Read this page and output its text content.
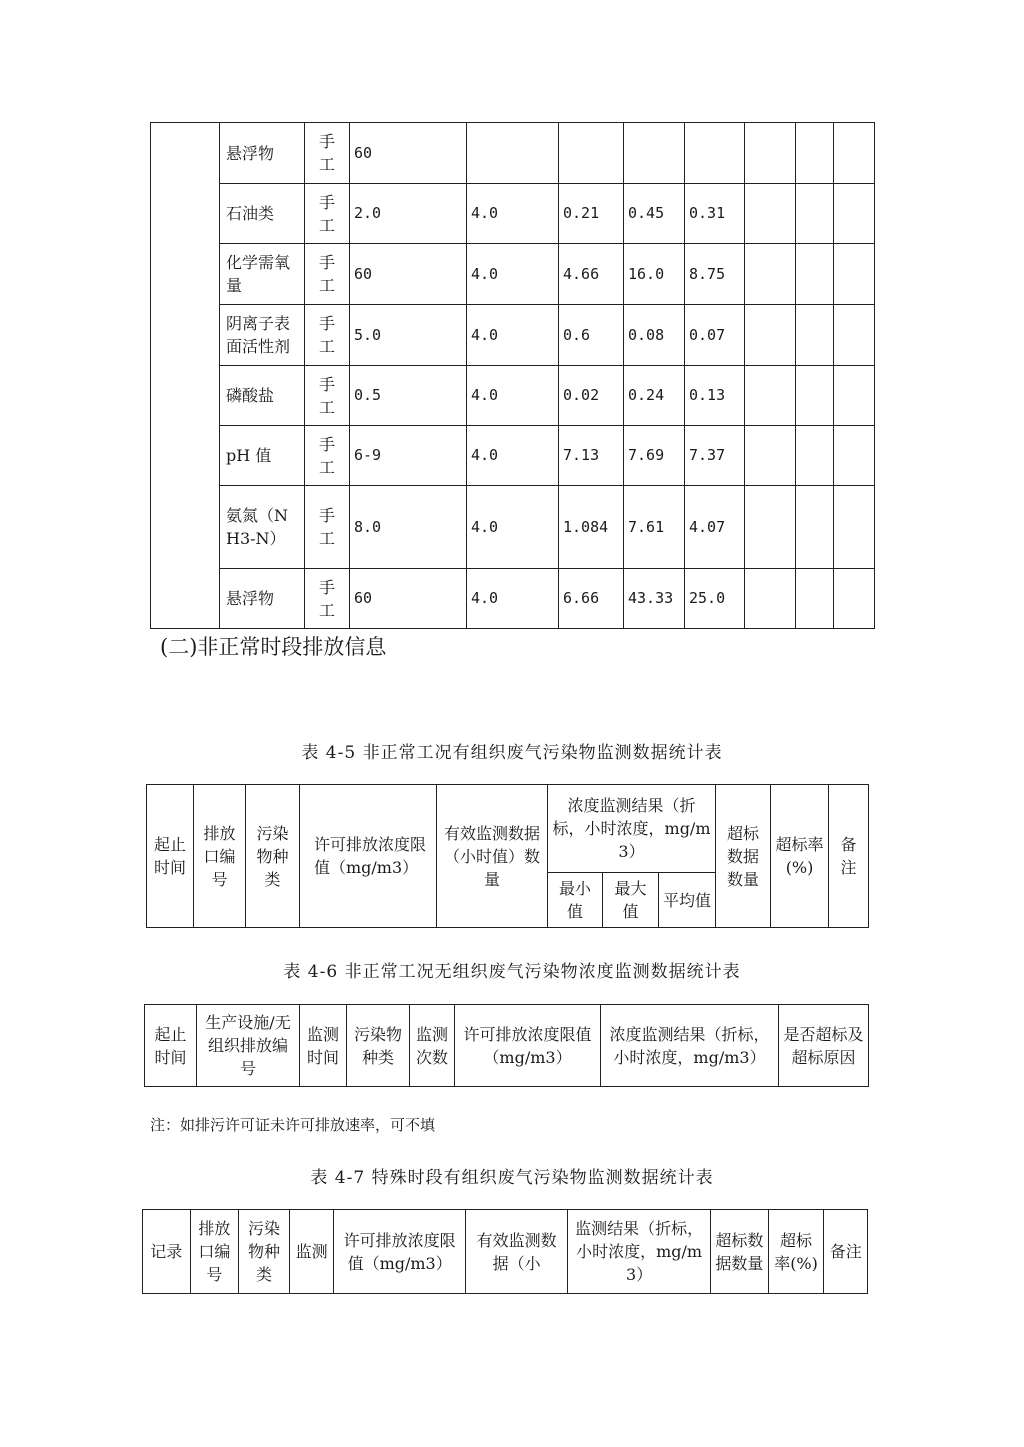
	悬浮物	手工	60							
	石油类	手工	2.0	4.0	0.21	0.45	0.31			
	化学需氧量	手工	60	4.0	4.66	16.0	8.75			
	阴离子表面活性剂	手工	5.0	4.0	0.6	0.08	0.07			
	磷酸盐	手工	0.5	4.0	0.02	0.24	0.13			
	pH 值	手工	6-9	4.0	7.13	7.69	7.37			
	氨氮（NH3-N）	手工	8.0	4.0	1.084	7.61	4.07			
	悬浮物	手工	60	4.0	6.66	43.33	25.0			
(二)非正常时段排放信息
表 4-5 非正常工况有组织废气污染物监测数据统计表
起止时间	排放口编号	污染物种类	许可排放浓度限值（mg/m3）	有效监测数据（小时值）数量	浓度监测结果（折标，小时浓度，mg/m3）			超标数据数量	超标率(%)	备注
					最小值	最大值	平均值			
表 4-6 非正常工况无组织废气污染物浓度监测数据统计表
起止时间	生产设施/无组织排放编号	监测时间	污染物种类	监测次数	许可排放浓度限值（mg/m3）	浓度监测结果（折标，小时浓度，mg/m3）	是否超标及超标原因
注：如排污许可证未许可排放速率，可不填
表 4-7 特殊时段有组织废气污染物监测数据统计表
记录	排放口编号	污染物种类	监测	许可排放浓度限值（mg/m3）	有效监测数据（小	监测结果（折标，小时浓度，mg/m3）	超标数据数量	超标率(%)	备注
